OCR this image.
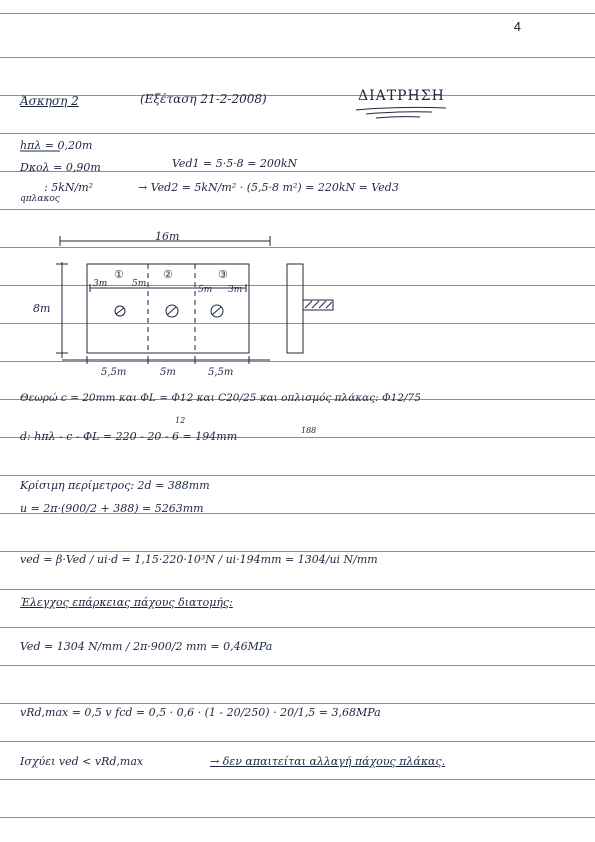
4
Άσκηση 2	(Εξέταση 21-2-2008)	ΔΙΑΤΡΗΣΗ
hπλ = 0,20m
Dκολ = 0,90m	Ved1 = 5·5·8 = 200kN
qπλακος
: 5kN/m²	→ Ved2 = 5kN/m² · (5,5·8 m²) = 220kN = Ved3
16m
8m
①	②	③
3m	5m
5m 3m
5,5m	5m	5,5m
Θεωρώ c = 20mm και ΦL = Φ12 και C20/25 και οπλισμός πλάκας: Φ12/75
12
188
d: hπλ - c - ΦL = 220 - 20 - 6 = 194mm
Κρίσιμη περίμετρος: 2d = 388mm
u = 2π·(900/2 + 388) = 5263mm
ved = β·Ved / ui·d = 1,15·220·10³N / ui·194mm = 1304/ui N/mm
Έλεγχος επάρκειας πάχους διατομής:
Ved = 1304 N/mm / 2π·900/2 mm = 0,46MPa
vRd,max = 0,5 v fcd = 0,5 · 0,6 · (1 - 20/250) · 20/1,5 = 3,68MPa
Ισχύει ved < vRd,max	→ δεν απαιτείται αλλαγή πάχους πλάκας.
